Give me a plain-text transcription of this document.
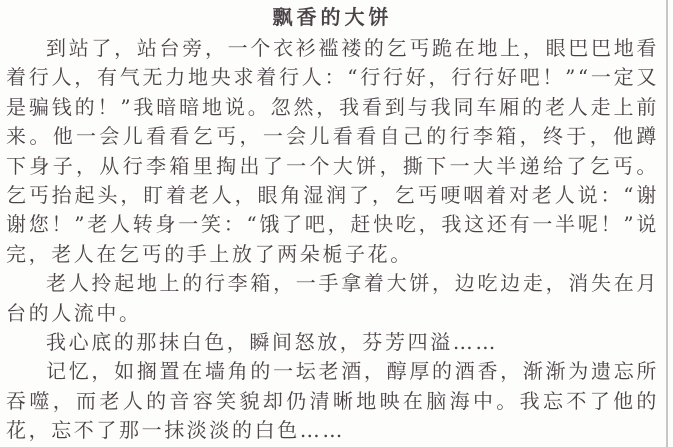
飘香的大饼

到站了，站台旁，一个衣衫褴褛的乞丐跪在地上，眼巴巴地看着行人，有气无力地央求着行人：“行行好，行行好吧！”“一定又是骗钱的！”我暗暗地说。忽然，我看到与我同车厢的老人走上前来。他一会儿看看乞丐，一会儿看看自己的行李箱，终于，他蹲下身子，从行李箱里掏出了一个大饼，撕下一大半递给了乞丐。乞丐抬起头，盯着老人，眼角湿润了，乞丐哽咽着对老人说：“谢谢您！”老人转身一笑：“饿了吧，赶快吃，我这还有一半呢！”说完，老人在乞丐的手上放了两朵栀子花。

老人拎起地上的行李箱，一手拿着大饼，边吃边走，消失在月台的人流中。

我心底的那抹白色，瞬间怒放，芬芳四溢……

记忆，如搁置在墙角的一坛老酒，醇厚的酒香，渐渐为遗忘所吞噬，而老人的音容笑貌却仍清晰地映在脑海中。我忘不了他的花，忘不了那一抹淡淡的白色……
